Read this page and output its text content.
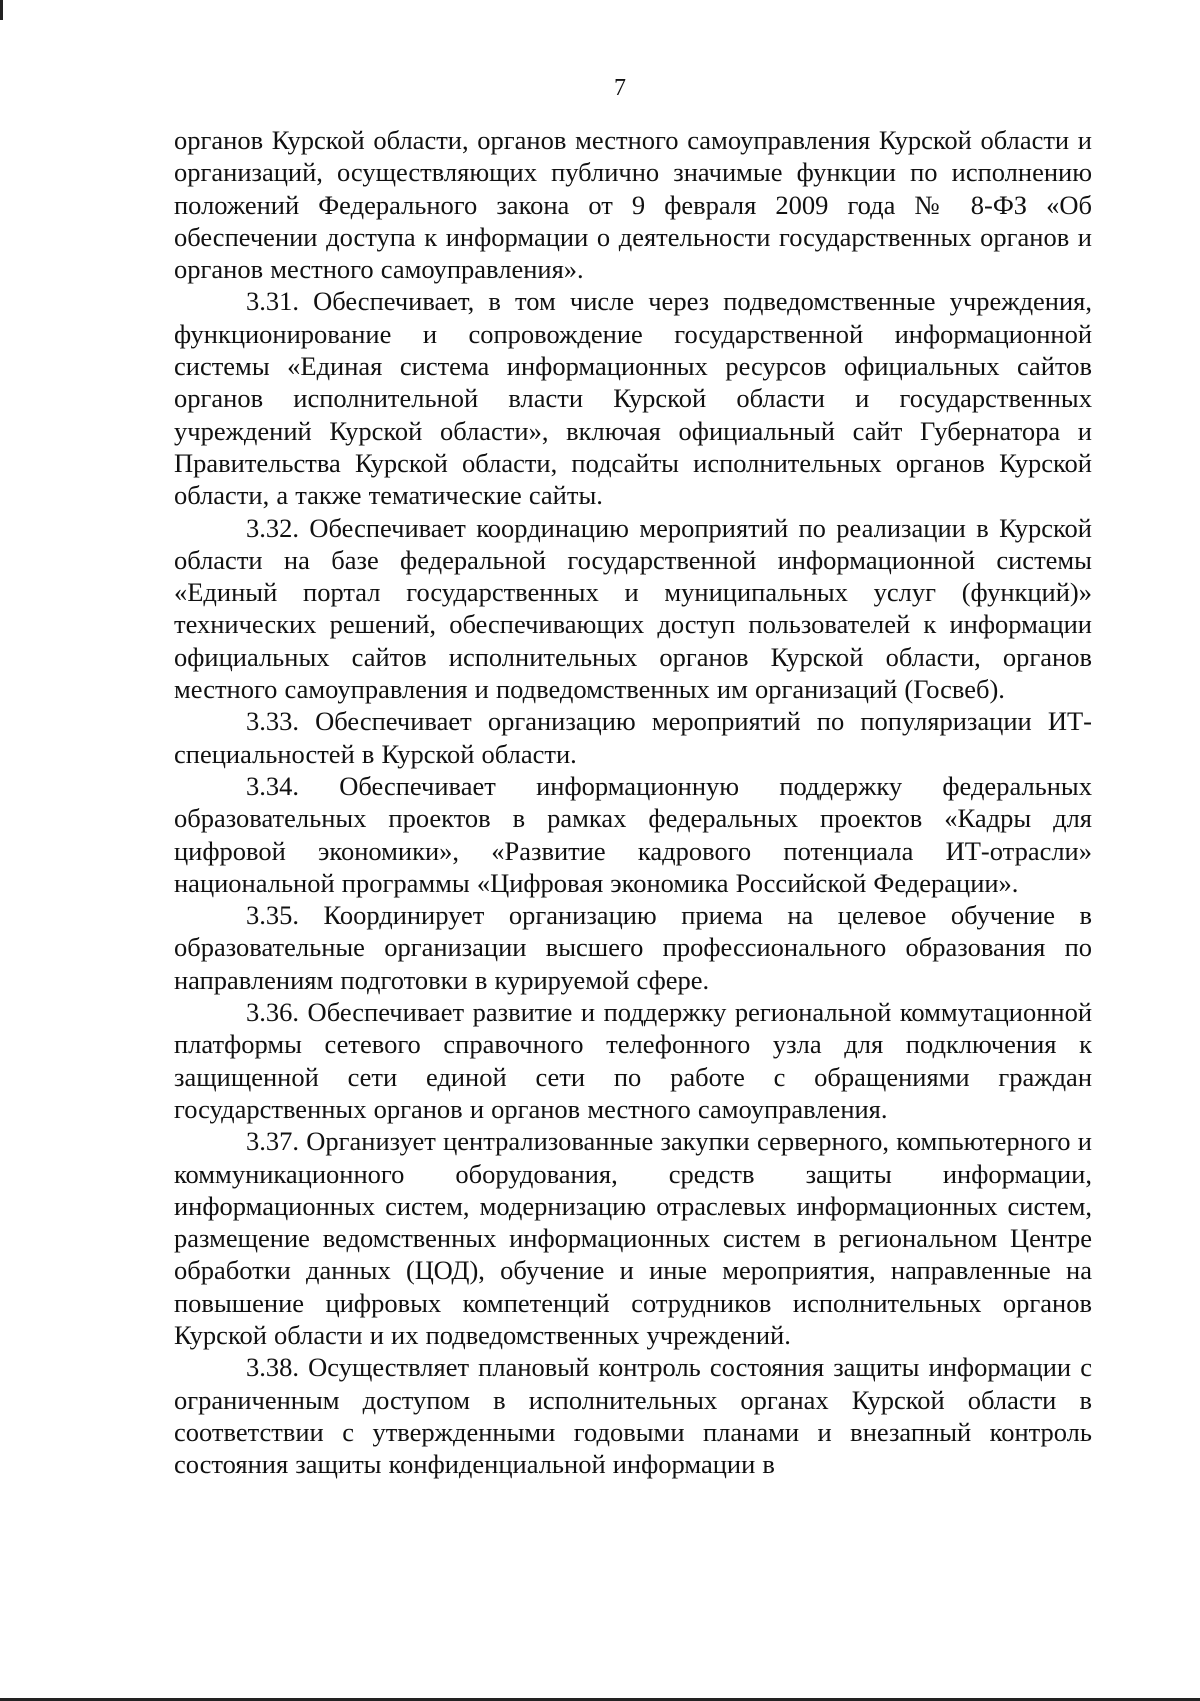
7

органов Курской области, органов местного самоуправления Курской области и организаций, осуществляющих публично значимые функции по исполнению положений Федерального закона от 9 февраля 2009 года № 8-ФЗ «Об обеспечении доступа к информации о деятельности государственных органов и органов местного самоуправления».

3.31. Обеспечивает, в том числе через подведомственные учреждения, функционирование и сопровождение государственной информационной системы «Единая система информационных ресурсов официальных сайтов органов исполнительной власти Курской области и государственных учреждений Курской области», включая официальный сайт Губернатора и Правительства Курской области, подсайты исполнительных органов Курской области, а также тематические сайты.

3.32. Обеспечивает координацию мероприятий по реализации в Курской области на базе федеральной государственной информационной системы «Единый портал государственных и муниципальных услуг (функций)» технических решений, обеспечивающих доступ пользователей к информации официальных сайтов исполнительных органов Курской области, органов местного самоуправления и подведомственных им организаций (Госвеб).

3.33. Обеспечивает организацию мероприятий по популяризации ИТ-специальностей в Курской области.

3.34. Обеспечивает информационную поддержку федеральных образовательных проектов в рамках федеральных проектов «Кадры для цифровой экономики», «Развитие кадрового потенциала ИТ-отрасли» национальной программы «Цифровая экономика Российской Федерации».

3.35. Координирует организацию приема на целевое обучение в образовательные организации высшего профессионального образования по направлениям подготовки в курируемой сфере.

3.36. Обеспечивает развитие и поддержку региональной коммутационной платформы сетевого справочного телефонного узла для подключения к защищенной сети единой сети по работе с обращениями граждан государственных органов и органов местного самоуправления.

3.37. Организует централизованные закупки серверного, компьютерного и коммуникационного оборудования, средств защиты информации, информационных систем, модернизацию отраслевых информационных систем, размещение ведомственных информационных систем в региональном Центре обработки данных (ЦОД), обучение и иные мероприятия, направленные на повышение цифровых компетенций сотрудников исполнительных органов Курской области и их подведомственных учреждений.

3.38. Осуществляет плановый контроль состояния защиты информации с ограниченным доступом в исполнительных органах Курской области в соответствии с утвержденными годовыми планами и внезапный контроль состояния защиты конфиденциальной информации в
